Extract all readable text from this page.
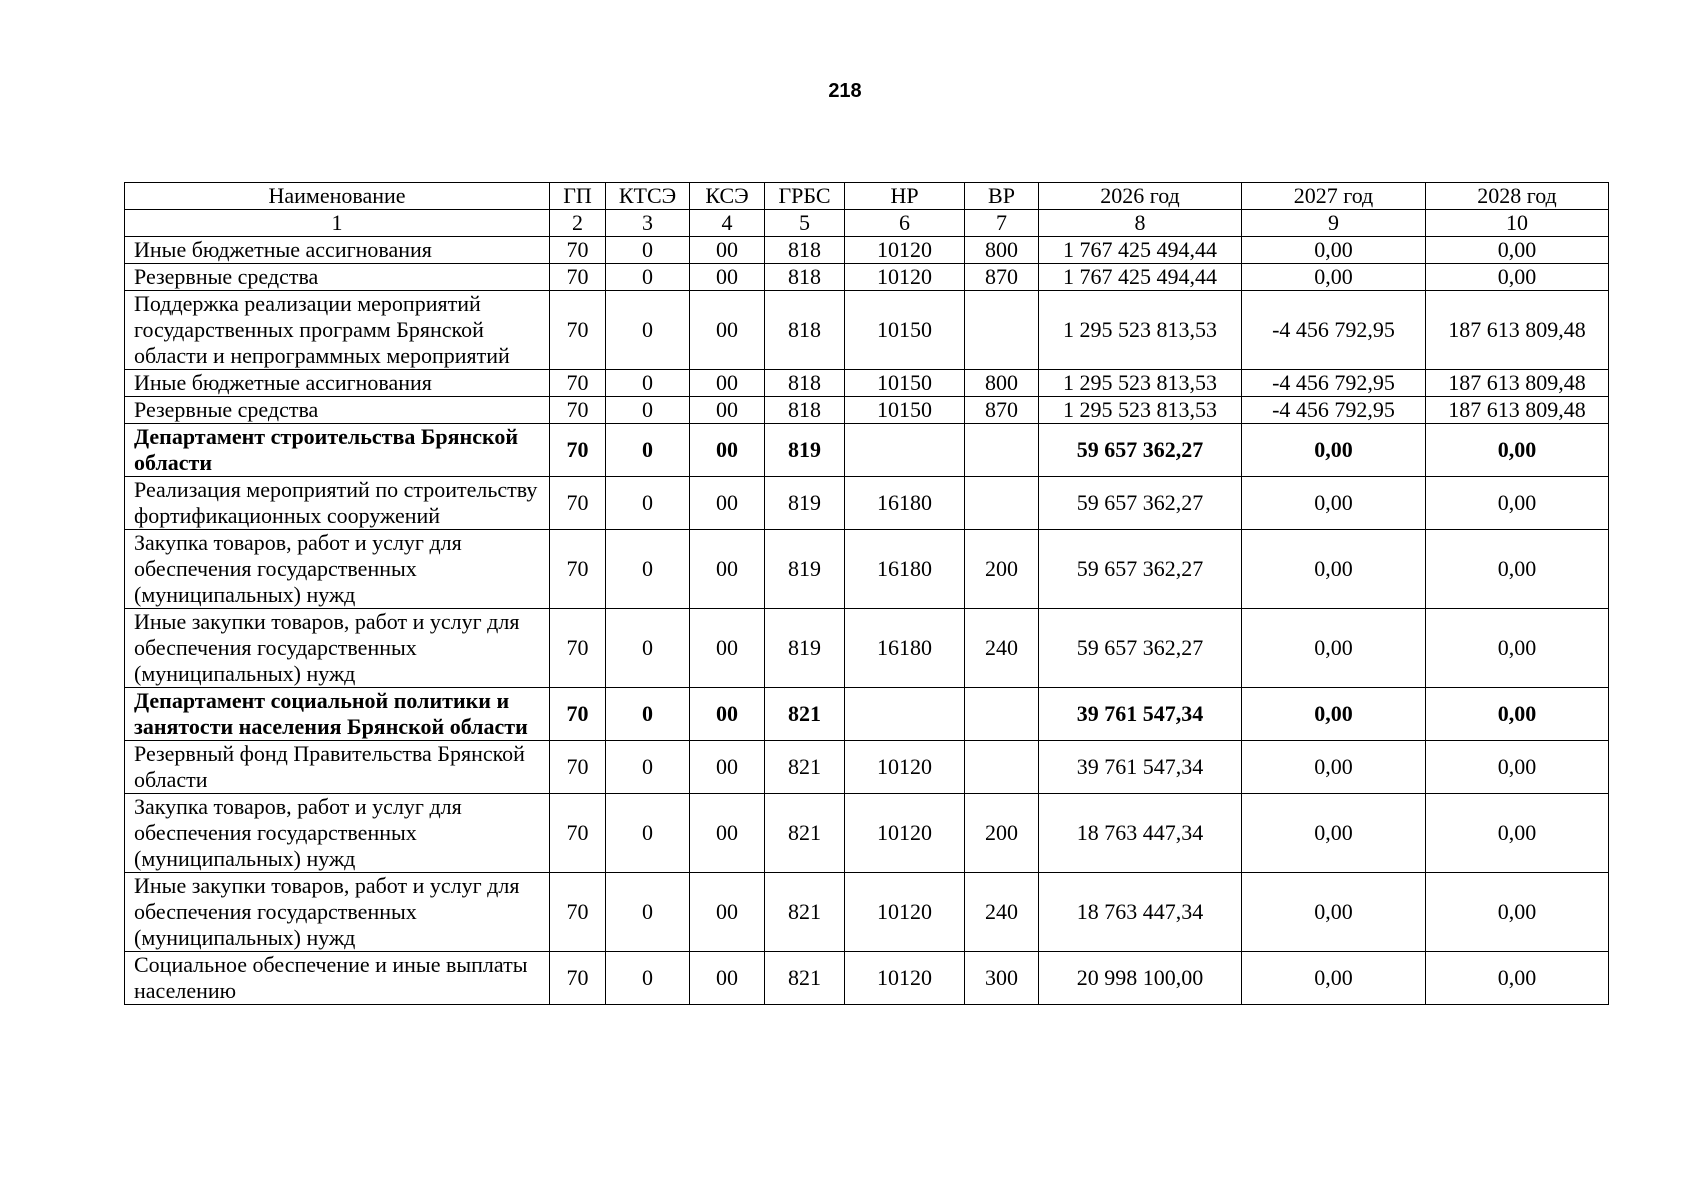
218
Наименование	ГП	КТСЭ	КСЭ	ГРБС	НР	ВР	2026 год	2027 год	2028 год
1	2	3	4	5	6	7	8	9	10
Иные бюджетные ассигнования	70	0	00	818	10120	800	1 767 425 494,44	0,00	0,00
Резервные средства	70	0	00	818	10120	870	1 767 425 494,44	0,00	0,00
Поддержка реализации мероприятий государственных программ Брянской области и непрограммных мероприятий	70	0	00	818	10150		1 295 523 813,53	-4 456 792,95	187 613 809,48
Иные бюджетные ассигнования	70	0	00	818	10150	800	1 295 523 813,53	-4 456 792,95	187 613 809,48
Резервные средства	70	0	00	818	10150	870	1 295 523 813,53	-4 456 792,95	187 613 809,48
Департамент строительства Брянской области	70	0	00	819			59 657 362,27	0,00	0,00
Реализация мероприятий по строительству фортификационных сооружений	70	0	00	819	16180		59 657 362,27	0,00	0,00
Закупка товаров, работ и услуг для обеспечения государственных (муниципальных) нужд	70	0	00	819	16180	200	59 657 362,27	0,00	0,00
Иные закупки товаров, работ и услуг для обеспечения государственных (муниципальных) нужд	70	0	00	819	16180	240	59 657 362,27	0,00	0,00
Департамент социальной политики и занятости населения Брянской области	70	0	00	821			39 761 547,34	0,00	0,00
Резервный фонд Правительства Брянской области	70	0	00	821	10120		39 761 547,34	0,00	0,00
Закупка товаров, работ и услуг для обеспечения государственных (муниципальных) нужд	70	0	00	821	10120	200	18 763 447,34	0,00	0,00
Иные закупки товаров, работ и услуг для обеспечения государственных (муниципальных) нужд	70	0	00	821	10120	240	18 763 447,34	0,00	0,00
Социальное обеспечение и иные выплаты населению	70	0	00	821	10120	300	20 998 100,00	0,00	0,00
